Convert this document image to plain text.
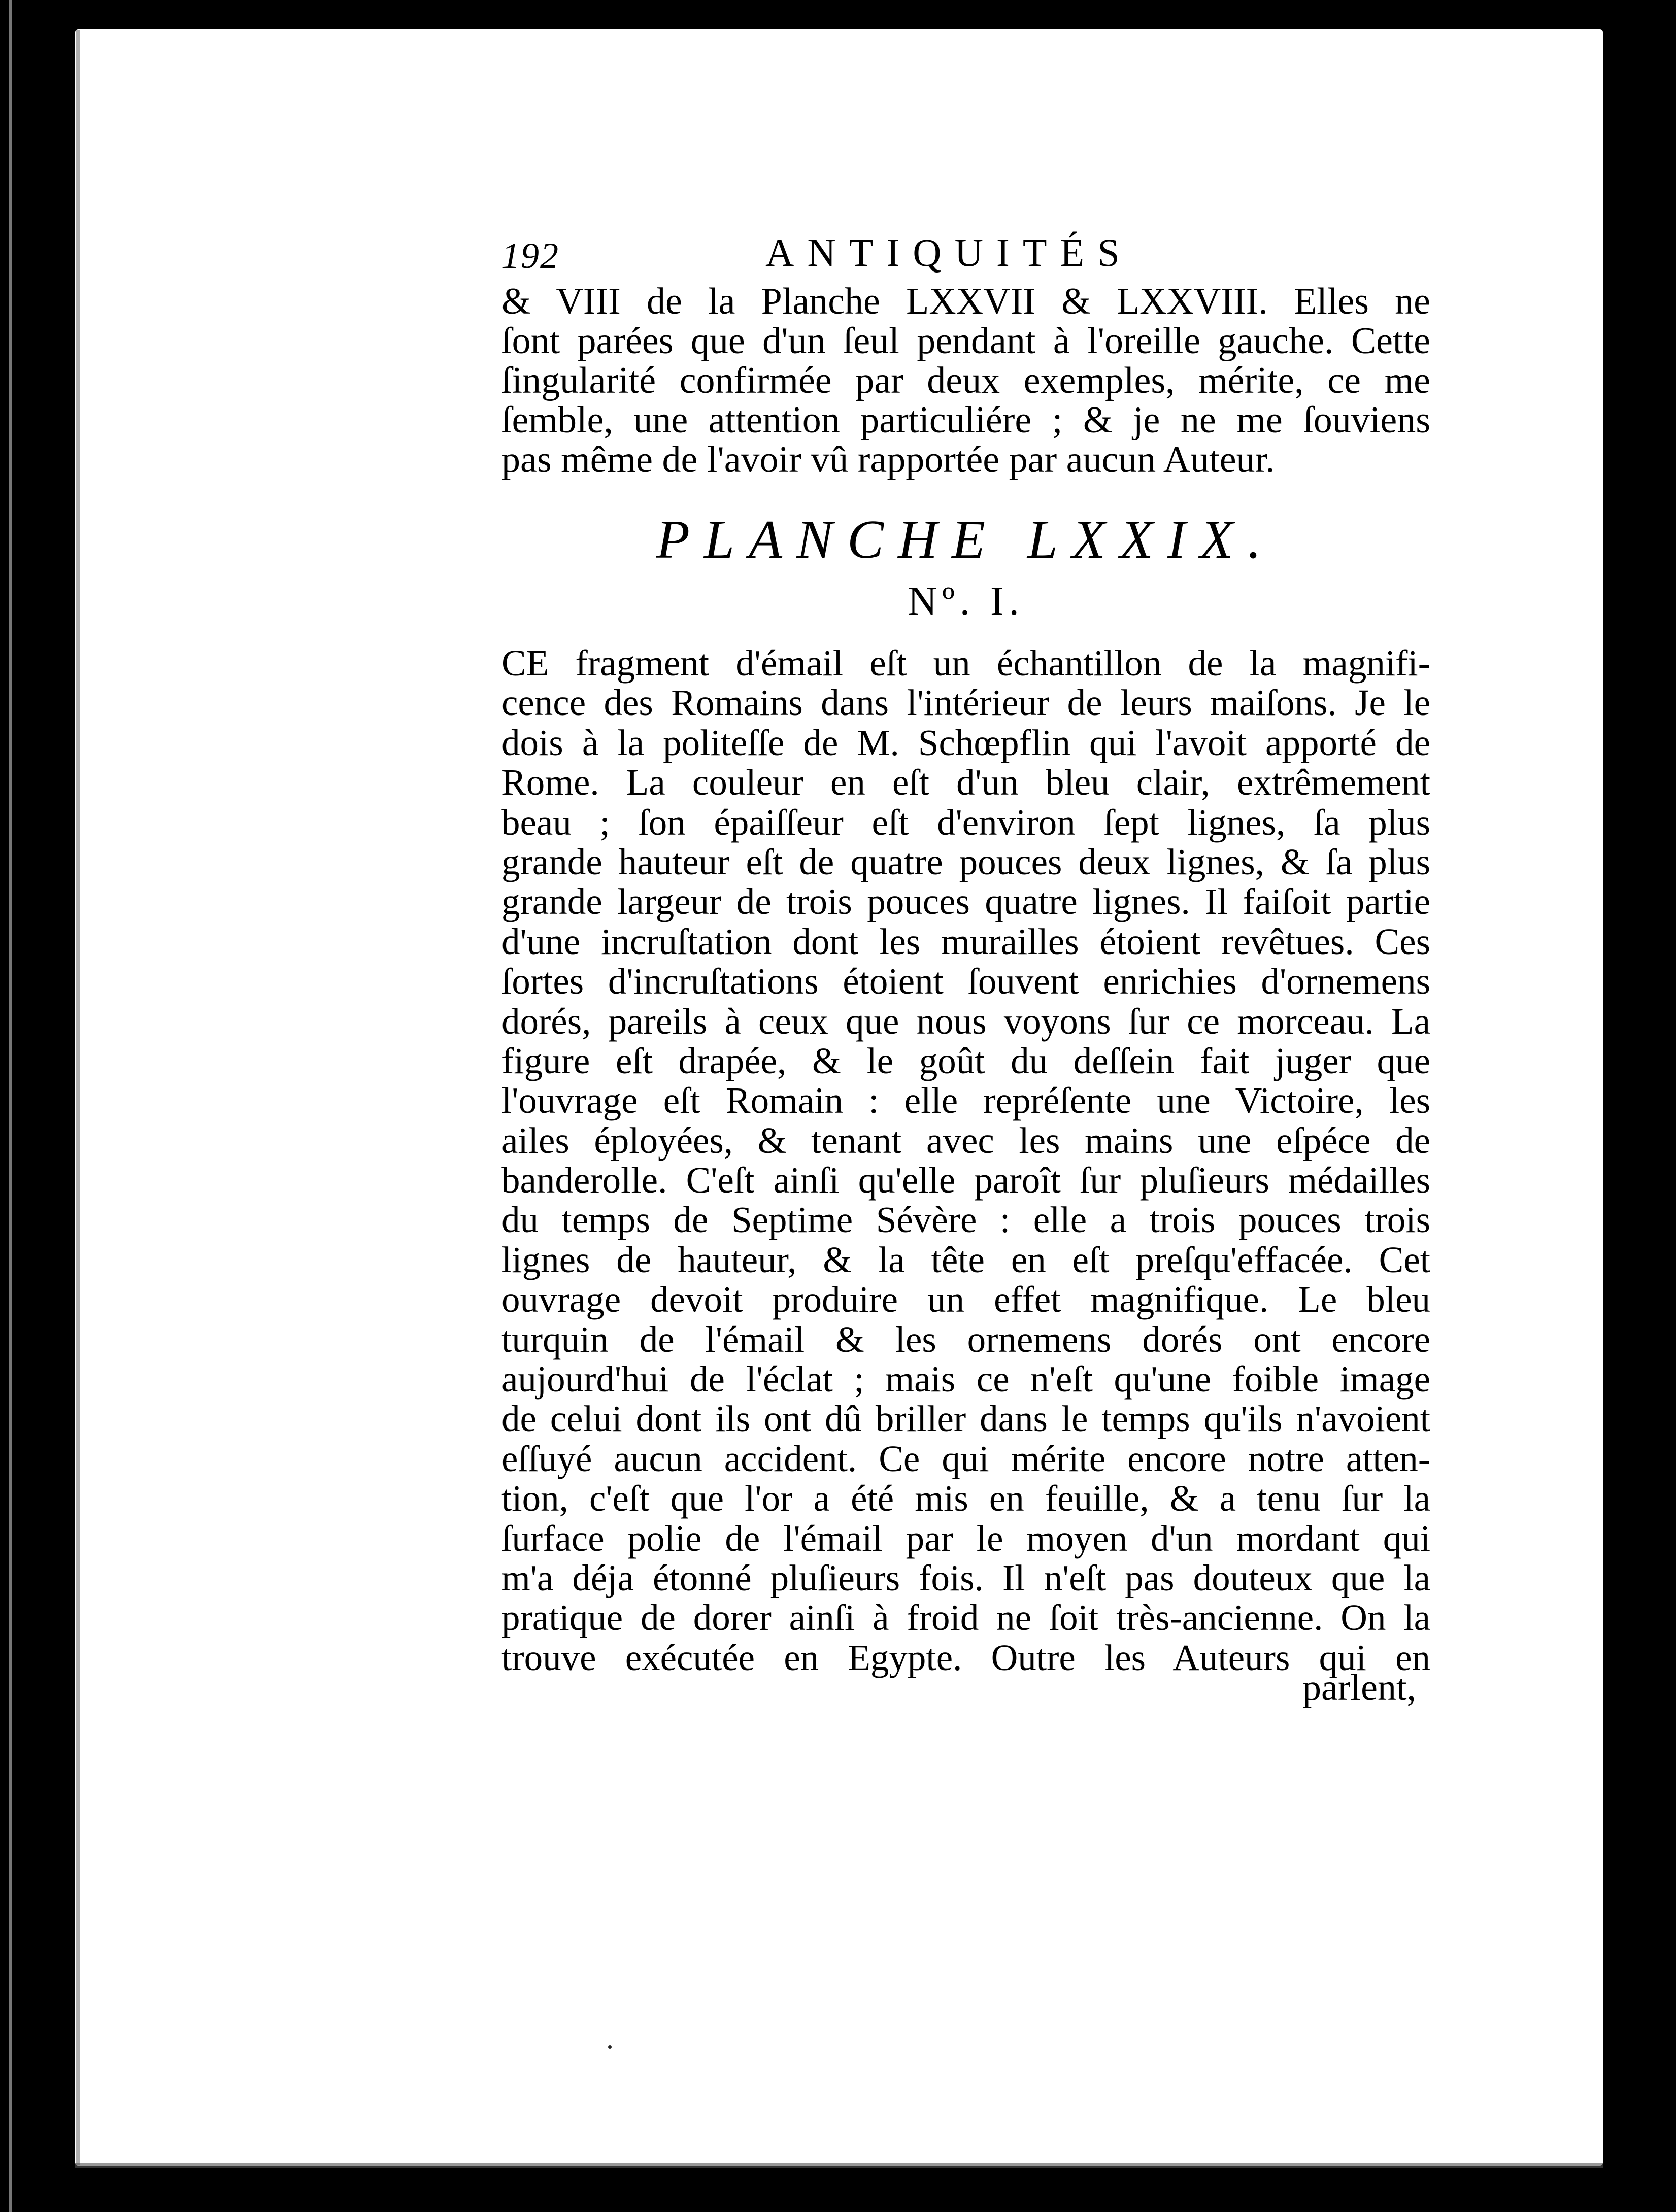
192	ANTIQUITÉS
& VIII de la Planche LXXVII & LXXVIII. Elles ne
ſont parées que d'un ſeul pendant à l'oreille gauche. Cette
ſingularité confirmée par deux exemples, mérite, ce me
ſemble, une attention particuliére ; & je ne me ſouviens
pas même de l'avoir vû rapportée par aucun Auteur.
PLANCHE LXXIX.
Nº. I.
CE fragment d'émail eſt un échantillon de la magnifi-
cence des Romains dans l'intérieur de leurs maiſons. Je le
dois à la politeſſe de M. Schœpflin qui l'avoit apporté de
Rome. La couleur en eſt d'un bleu clair, extrêmement
beau ; ſon épaiſſeur eſt d'environ ſept lignes, ſa plus
grande hauteur eſt de quatre pouces deux lignes, & ſa plus
grande largeur de trois pouces quatre lignes. Il faiſoit partie
d'une incruſtation dont les murailles étoient revêtues. Ces
ſortes d'incruſtations étoient ſouvent enrichies d'ornemens
dorés, pareils à ceux que nous voyons ſur ce morceau. La
figure eſt drapée, & le goût du deſſein fait juger que
l'ouvrage eſt Romain : elle repréſente une Victoire, les
ailes éployées, & tenant avec les mains une eſpéce de
banderolle. C'eſt ainſi qu'elle paroît ſur pluſieurs médailles
du temps de Septime Sévère : elle a trois pouces trois
lignes de hauteur, & la tête en eſt preſqu'effacée. Cet
ouvrage devoit produire un effet magnifique. Le bleu
turquin de l'émail & les ornemens dorés ont encore
aujourd'hui de l'éclat ; mais ce n'eſt qu'une foible image
de celui dont ils ont dû briller dans le temps qu'ils n'avoient
eſſuyé aucun accident. Ce qui mérite encore notre atten-
tion, c'eſt que l'or a été mis en feuille, & a tenu ſur la
ſurface polie de l'émail par le moyen d'un mordant qui
m'a déja étonné pluſieurs fois. Il n'eſt pas douteux que la
pratique de dorer ainſi à froid ne ſoit très-ancienne. On la
trouve exécutée en Egypte. Outre les Auteurs qui en
parlent,
